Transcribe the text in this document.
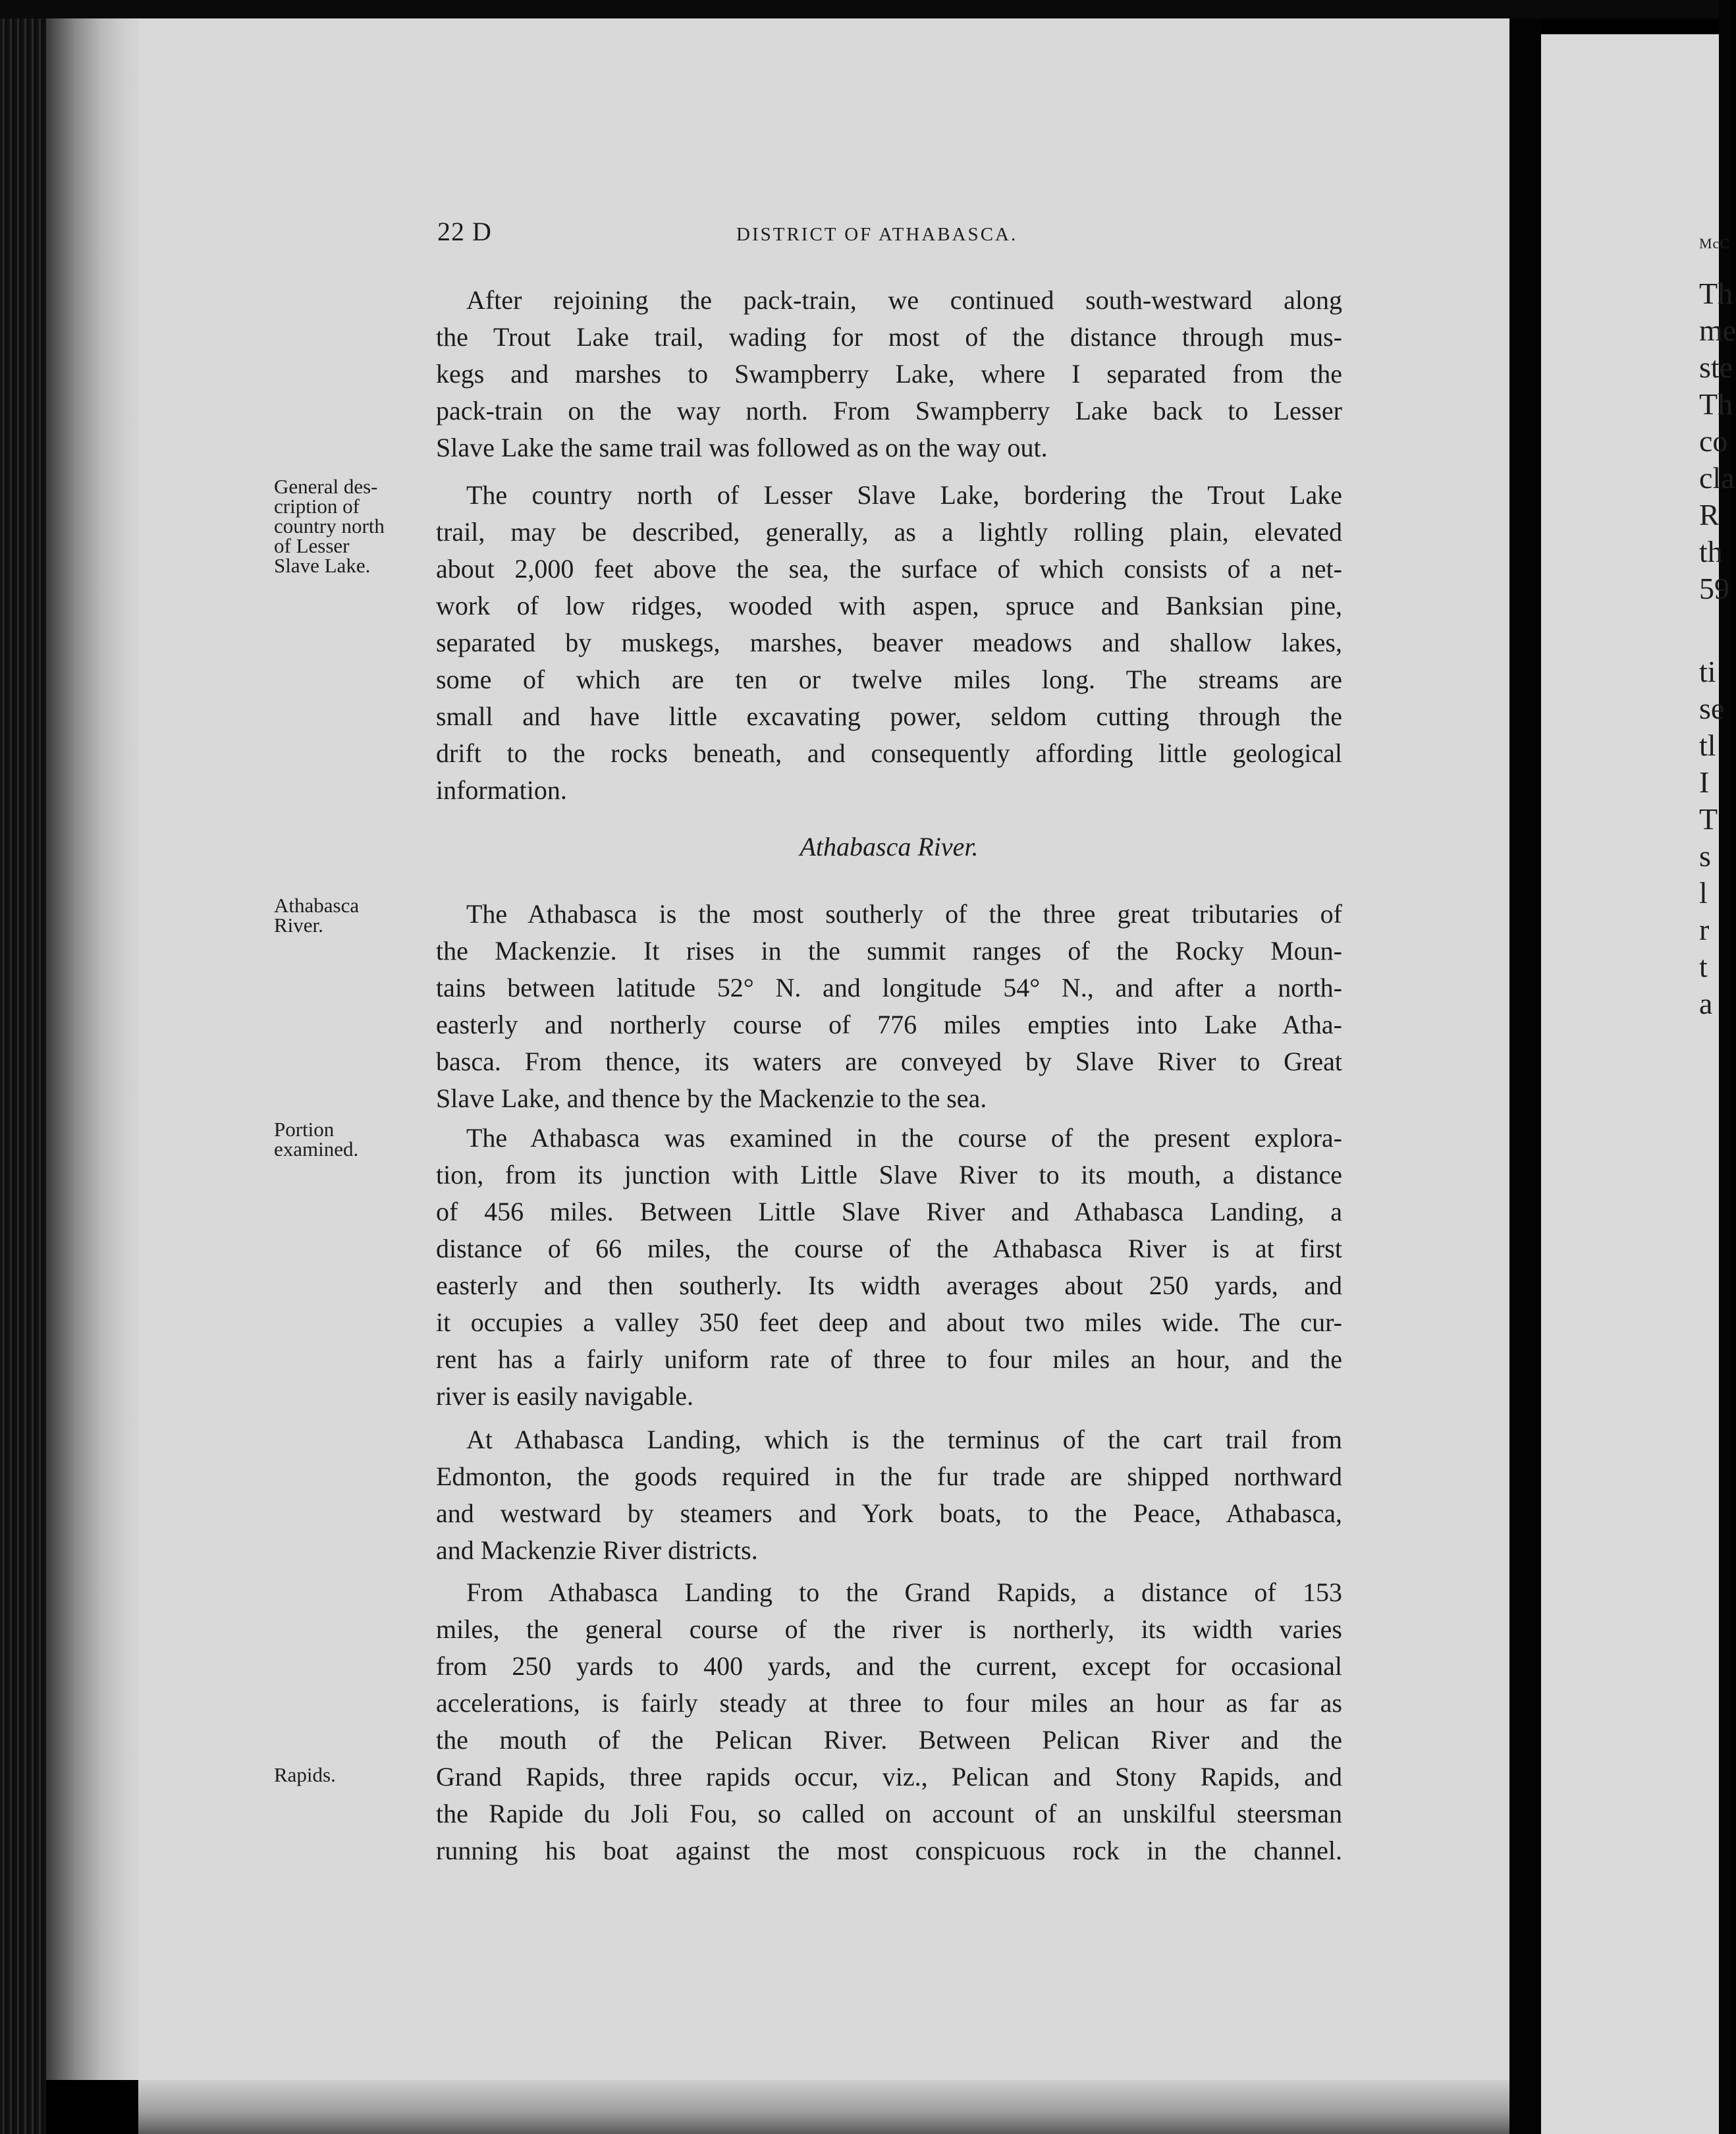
22 D	DISTRICT OF ATHABASCA.
General des-
cription of
country north
of Lesser
Slave Lake.
Athabasca
River.
Portion
examined.
Rapids.

After rejoining the pack-train, we continued south-westward along

the Trout Lake trail, wading for most of the distance through mus-

kegs and marshes to Swampberry Lake, where I separated from the

pack-train on the way north. From Swampberry Lake back to Lesser

Slave Lake the same trail was followed as on the way out.

The country north of Lesser Slave Lake, bordering the Trout Lake

trail, may be described, generally, as a lightly rolling plain, elevated

about 2,000 feet above the sea, the surface of which consists of a net-

work of low ridges, wooded with aspen, spruce and Banksian pine,

separated by muskegs, marshes, beaver meadows and shallow lakes,

some of which are ten or twelve miles long. The streams are

small and have little excavating power, seldom cutting through the

drift to the rocks beneath, and consequently affording little geological

information.

Athabasca River.

The Athabasca is the most southerly of the three great tributaries of

the Mackenzie. It rises in the summit ranges of the Rocky Moun-

tains between latitude 52° N. and longitude 54° N., and after a north-

easterly and northerly course of 776 miles empties into Lake Atha-

basca. From thence, its waters are conveyed by Slave River to Great

Slave Lake, and thence by the Mackenzie to the sea.

The Athabasca was examined in the course of the present explora-

tion, from its junction with Little Slave River to its mouth, a distance

of 456 miles. Between Little Slave River and Athabasca Landing, a

distance of 66 miles, the course of the Athabasca River is at first

easterly and then southerly. Its width averages about 250 yards, and

it occupies a valley 350 feet deep and about two miles wide. The cur-

rent has a fairly uniform rate of three to four miles an hour, and the

river is easily navigable.

At Athabasca Landing, which is the terminus of the cart trail from

Edmonton, the goods required in the fur trade are shipped northward

and westward by steamers and York boats, to the Peace, Athabasca,

and Mackenzie River districts.

From Athabasca Landing to the Grand Rapids, a distance of 153

miles, the general course of the river is northerly, its width varies

from 250 yards to 400 yards, and the current, except for occasional

accelerations, is fairly steady at three to four miles an hour as far as

the mouth of the Pelican River. Between Pelican River and the

Grand Rapids, three rapids occur, viz., Pelican and Stony Rapids, and

the Rapide du Joli Fou, so called on account of an unskilful steersman

running his boat against the most conspicuous rock in the channel.

McC
Th
me
ste
Th
co
cla
R
th
59
ti
se
tl
I
T
s
l
r
t
a
